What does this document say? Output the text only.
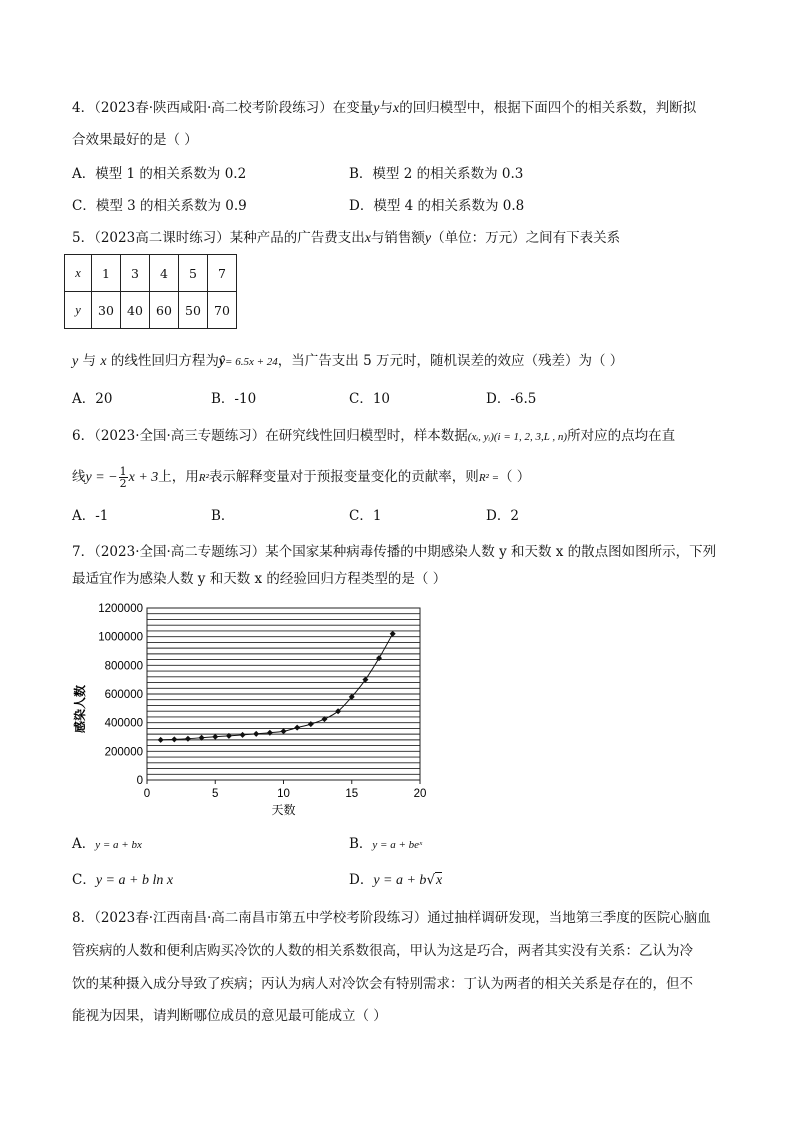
4．（2023春·陕西咸阳·高二校考阶段练习）在变量y与x的回归模型中，根据下面四个的相关系数，判断拟
合效果最好的是（ ）
A．模型 1 的相关系数为 0.2	B．模型 2 的相关系数为 0.3
C．模型 3 的相关系数为 0.9	D．模型 4 的相关系数为 0.8
5．（2023高二课时练习）某种产品的广告费支出x与销售额y（单位：万元）之间有下表关系
x	1	3	4	5	7
y	30	40	60	50	70
y 与 x 的线性回归方程为ŷ= 6.5x + 24，当广告支出 5 万元时，随机误差的效应（残差）为（ ）
A．20	B．-10	C．10	D．-6.5
6．（2023·全国·高三专题练习）在研究线性回归模型时，样本数据(xᵢ, yᵢ)(i = 1, 2, 3,L , n)所对应的点均在直
线y = − $\frac{1}{2}$ x + 3上，用R²表示解释变量对于预报变量变化的贡献率，则R² =（ ）
A．-1	B．	C．1	D．2
7．（2023·全国·高二专题练习）某个国家某种病毒传播的中期感染人数 y 和天数 x 的散点图如图所示，下列
最适宜作为感染人数 y 和天数 x 的经验回归方程类型的是（ ）
0
200000
400000
600000
800000
1000000
1200000
0	5	10	15	20
天数
感染人数
A．y = a + bx	B．y = a + beˣ
C．y = a + b ln x	D．y = a + b√x
8．（2023春·江西南昌·高二南昌市第五中学校考阶段练习）通过抽样调研发现，当地第三季度的医院心脑血
管疾病的人数和便利店购买冷饮的人数的相关系数很高，甲认为这是巧合，两者其实没有关系：乙认为冷
饮的某种摄入成分导致了疾病；丙认为病人对冷饮会有特别需求：丁认为两者的相关关系是存在的，但不
能视为因果，请判断哪位成员的意见最可能成立（ ）
